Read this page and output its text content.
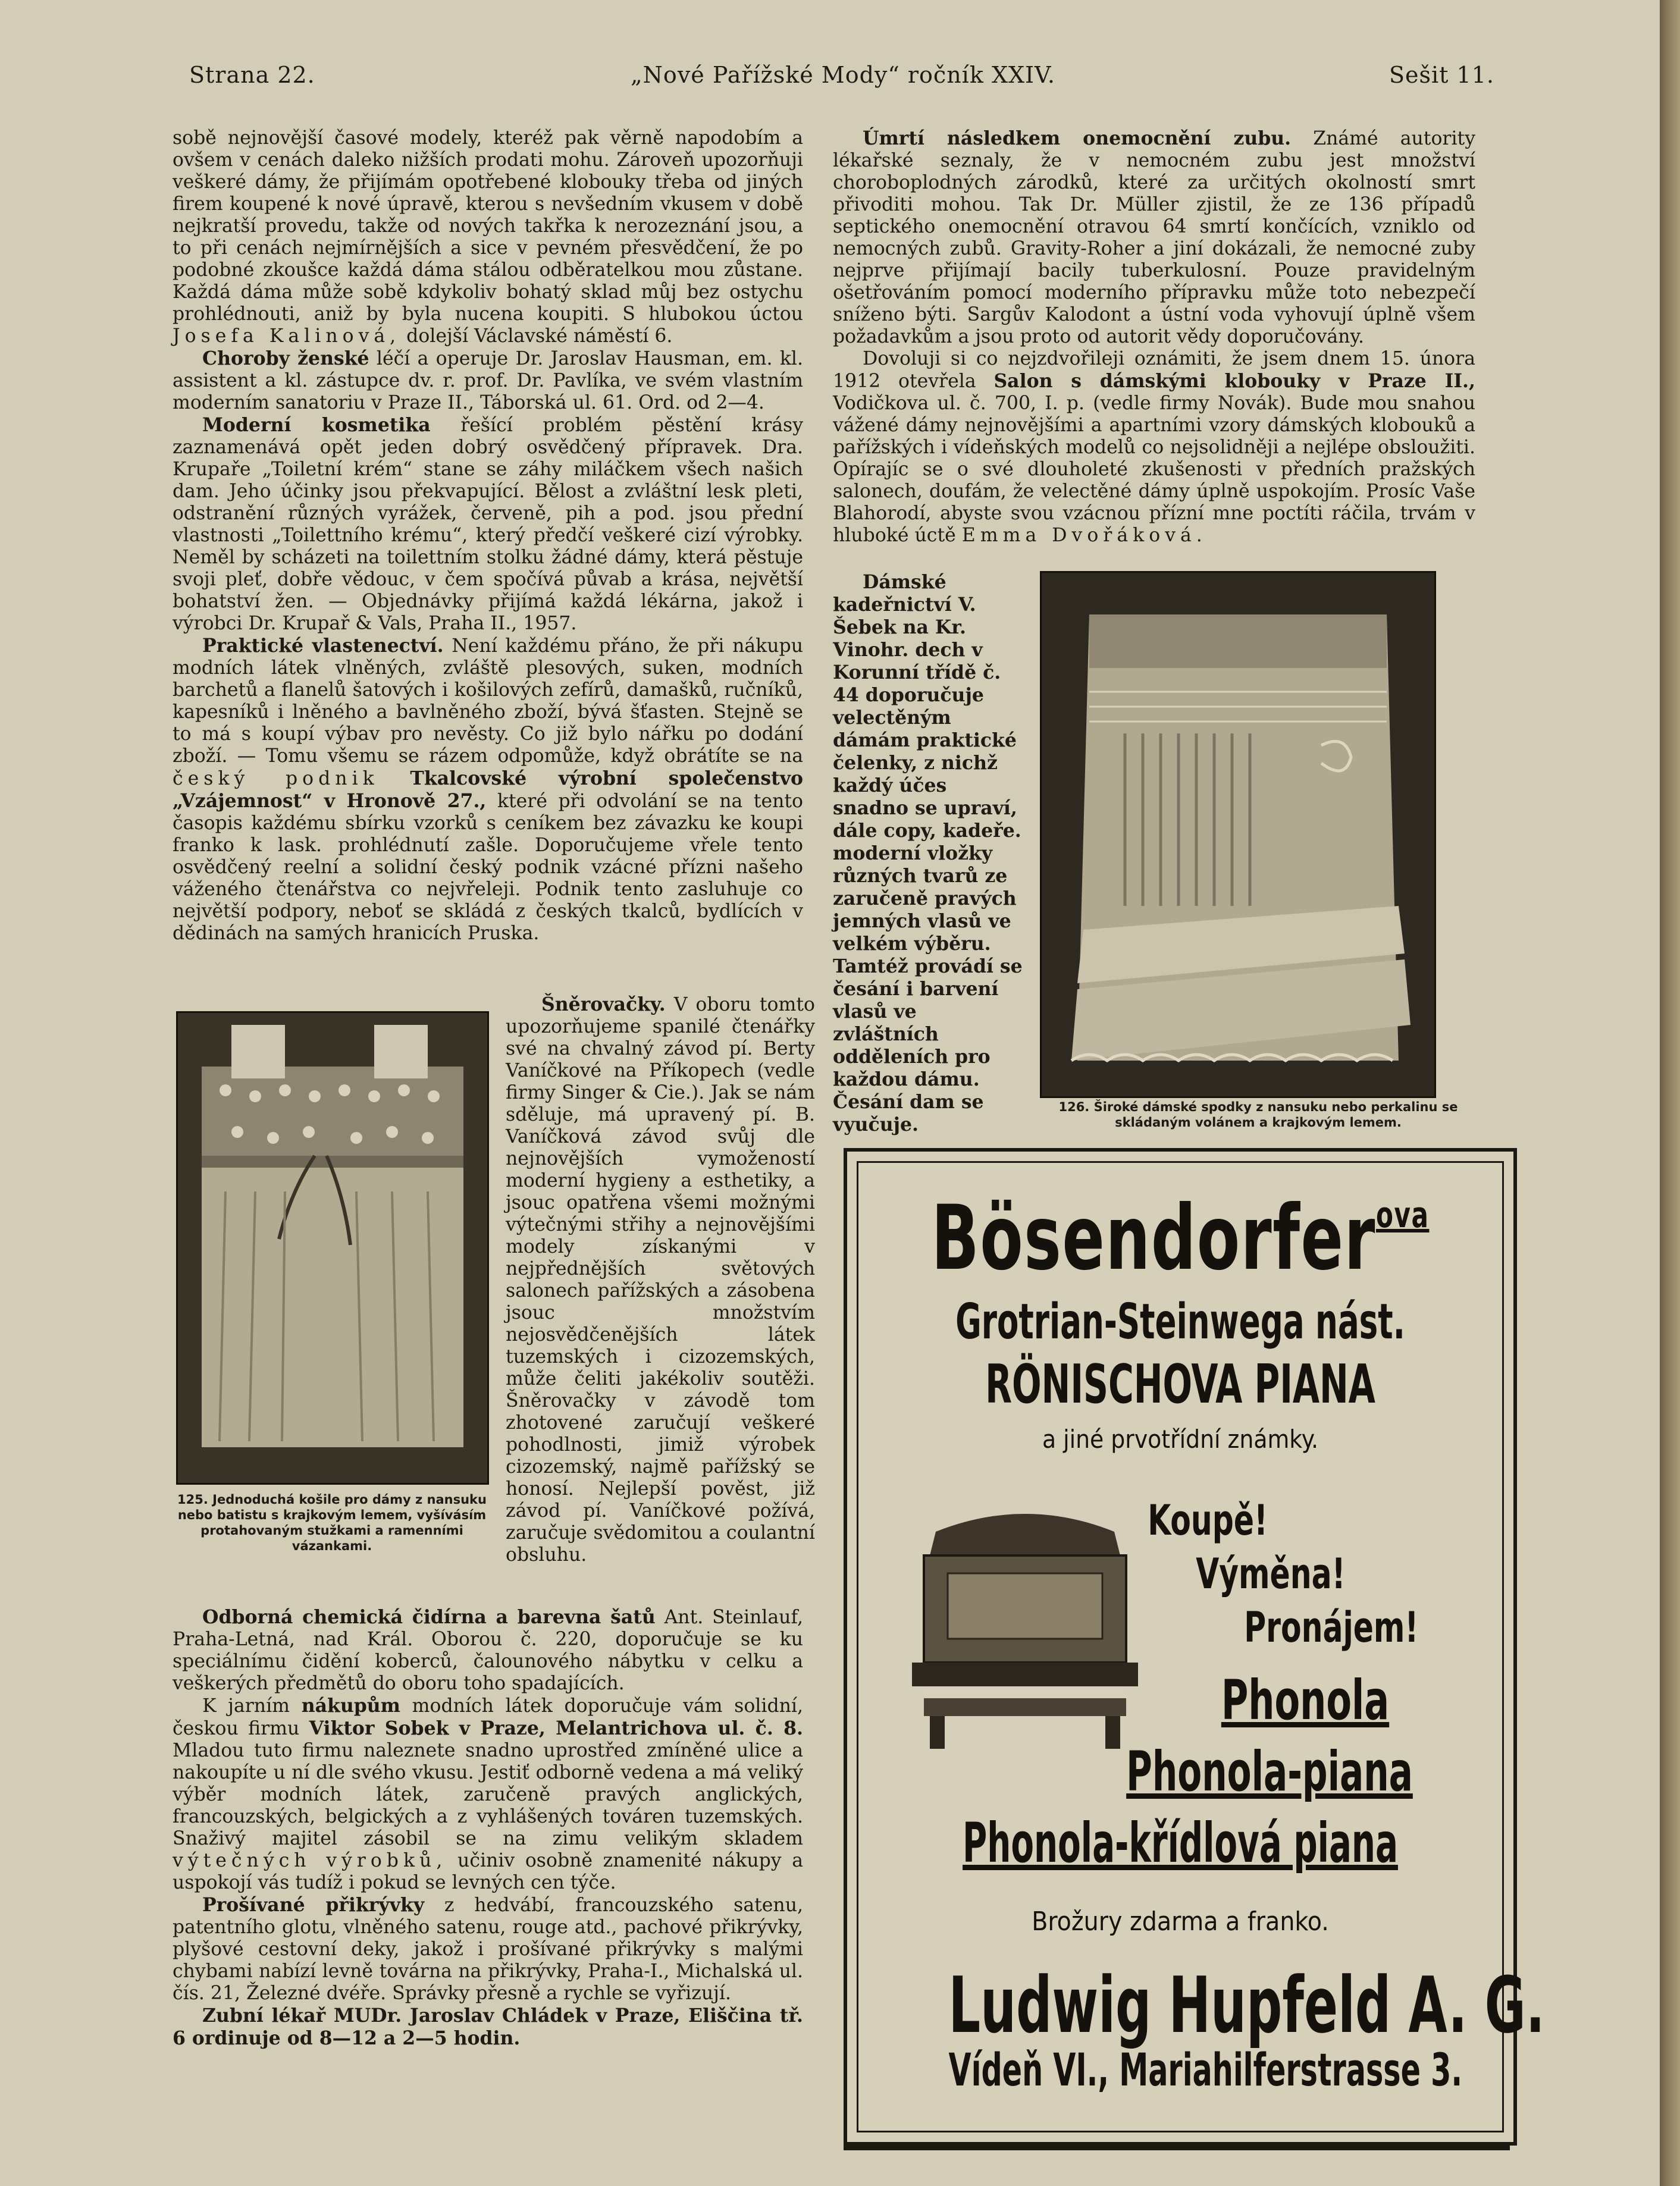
Strana 22.	„Nové Pařížské Mody“ ročník XXIV.	Sešit 11.

sobě nejnovější časové modely, kteréž pak věrně napodobím a ovšem v cenách daleko nižších prodati mohu. Zároveň upozorňuji veškeré dámy, že přijímám opotřebené klobouky třeba od jiných firem koupené k nové úpravě, kterou s nevšedním vkusem v době nejkratší provedu, takže od nových takřka k nerozeznání jsou, a to při cenách nejmírnějších a sice v pevném přesvědčení, že po podobné zkoušce každá dáma stálou odběratelkou mou zůstane. Každá dáma může sobě kdykoliv bohatý sklad můj bez ostychu prohlédnouti, aniž by byla nucena koupiti. S hlubokou úctou Josefa Kalinová, dolejší Václavské náměstí 6.

Choroby ženské léčí a operuje Dr. Jaroslav Hausman, em. kl. assistent a kl. zástupce dv. r. prof. Dr. Pavlíka, ve svém vlastním moderním sanatoriu v Praze II., Táborská ul. 61. Ord. od 2—4.

Moderní kosmetika řešící problém pěstění krásy zaznamenává opět jeden dobrý osvědčený přípravek. Dra. Krupaře „Toiletní krém“ stane se záhy miláčkem všech našich dam. Jeho účinky jsou překvapující. Bělost a zvláštní lesk pleti, odstranění různých vyrážek, červeně, pih a pod. jsou přední vlastnosti „Toilettního krému“, který předčí veškeré cizí výrobky. Neměl by scházeti na toilettním stolku žádné dámy, která pěstuje svoji pleť, dobře vědouc, v čem spočívá půvab a krása, největší bohatství žen. — Objednávky přijímá každá lékárna, jakož i výrobci Dr. Krupař & Vals, Praha II., 1957.

Praktické vlastenectví. Není každému přáno, že při nákupu modních látek vlněných, zvláště plesových, suken, modních barchetů a flanelů šatových i košilových zefírů, damašků, ručníků, kapesníků i lněného a bavlněného zboží, bývá šťasten. Stejně se to má s koupí výbav pro nevěsty. Co již bylo nářku po dodání zboží. — Tomu všemu se rázem odpomůže, když obrátíte se na český podnik Tkalcovské výrobní společenstvo „Vzájemnost“ v Hronově 27., které při odvolání se na tento časopis každému sbírku vzorků s ceníkem bez závazku ke koupi franko k lask. prohlédnutí zašle. Doporučujeme vřele tento osvědčený reelní a solidní český podnik vzácné přízni našeho váženého čtenářstva co nejvřeleji. Podnik tento zasluhuje co největší podpory, neboť se skládá z českých tkalců, bydlících v dědinách na samých hranicích Pruska.

125. Jednoduchá košile pro dámy z nansuku nebo batistu s krajkovým lemem, vyšívásím protahovaným stužkami a ramenními vázankami.

Šněrovačky. V oboru tomto upozorňujeme spanilé čtenářky své na chvalný závod pí. Berty Vaníčkové na Příkopech (vedle firmy Singer & Cie.). Jak se nám sděluje, má upravený pí. B. Vaníčková závod svůj dle nejnovějších vymožeností moderní hygieny a esthetiky, a jsouc opatřena všemi možnými výtečnými střihy a nejnovějšími modely získanými v nejpřednějších světových salonech pařížských a zásobena jsouc množstvím nejosvědčenějších látek tuzemských i cizozemských, může čeliti jakékoliv soutěži. Šněrovačky v závodě tom zhotovené zaručují veškeré pohodlnosti, jimiž výrobek cizozemský, najmě pařížský se honosí. Nejlepší pověst, již závod pí. Vaníčkové požívá, zaručuje svědomitou a coulantní obsluhu.

Odborná chemická čidírna a barevna šatů Ant. Steinlauf, Praha-Letná, nad Král. Oborou č. 220, doporučuje se ku speciálnímu čidění koberců, čalounového nábytku v celku a veškerých předmětů do oboru toho spadajících.

K jarním nákupům modních látek doporučuje vám solidní, českou firmu Viktor Sobek v Praze, Melantrichova ul. č. 8. Mladou tuto firmu naleznete snadno uprostřed zmíněné ulice a nakoupíte u ní dle svého vkusu. Jestiť odborně vedena a má veliký výběr modních látek, zaručeně pravých anglických, francouzských, belgických a z vyhlášených továren tuzemských. Snaživý majitel zásobil se na zimu velikým skladem výtečných výrobků, učiniv osobně znamenité nákupy a uspokojí vás tudíž i pokud se levných cen týče.

Prošívané přikrývky z hedvábí, francouzského satenu, patentního glotu, vlněného satenu, rouge atd., pachové přikrývky, plyšové cestovní deky, jakož i prošívané přikrývky s malými chybami nabízí levně továrna na přikrývky, Praha-I., Michalská ul. čís. 21, Železné dvéře. Správky přesně a rychle se vyřizují.

Zubní lékař MUDr. Jaroslav Chládek v Praze, Eliščina tř. 6 ordinuje od 8—12 a 2—5 hodin.

Úmrtí následkem onemocnění zubu. Známé autority lékařské seznaly, že v nemocném zubu jest množství choroboplodných zárodků, které za určitých okolností smrt přivoditi mohou. Tak Dr. Müller zjistil, že ze 136 případů septického onemocnění otravou 64 smrtí končících, vzniklo od nemocných zubů. Gravity-Roher a jiní dokázali, že nemocné zuby nejprve přijímají bacily tuberkulosní. Pouze pravidelným ošetřováním pomocí moderního přípravku může toto nebezpečí sníženo býti. Sargův Kalodont a ústní voda vyhovují úplně všem požadavkům a jsou proto od autorit vědy doporučovány.

Dovoluji si co nejzdvořileji oznámiti, že jsem dnem 15. února 1912 otevřela Salon s dámskými klobouky v Praze II., Vodičkova ul. č. 700, I. p. (vedle firmy Novák). Bude mou snahou vážené dámy nejnovějšími a apartními vzory dámských klobouků a pařížských i vídeňských modelů co nejsolidněji a nejlépe obsloužiti. Opírajíc se o své dlouholeté zkušenosti v předních pražských salonech, doufám, že velectěné dámy úplně uspokojím. Prosíc Vaše Blahorodí, abyste svou vzácnou přízní mne poctíti ráčila, trvám v hluboké úctě Emma Dvořáková.

Dámské kadeřnictví V. Šebek na Kr. Vinohr. dech v Korunní třídě č. 44 doporučuje velectěným dámám praktické čelenky, z nichž každý účes snadno se upraví, dále copy, kadeře. moderní vložky různých tvarů ze zaručeně pravých jemných vlasů ve velkém výběru. Tamtéž provádí se česání i barvení vlasů ve zvláštních odděleních pro každou dámu. Česání dam se vyučuje.

126. Široké dámské spodky z nansuku nebo perkalinu se skládaným volánem a krajkovým lemem.
Bösendorfer$^{ova}$
Grotrian-Steinwega nást.
RÖNISCHOVA PIANA
a jiné prvotřídní známky.
Koupě!
Výměna!
Pronájem!
Phonola
Phonola-piana
Phonola-křídlová piana
Brožury zdarma a franko.
Ludwig Hupfeld A. G.
Vídeň VI., Mariahilferstrasse 3.
